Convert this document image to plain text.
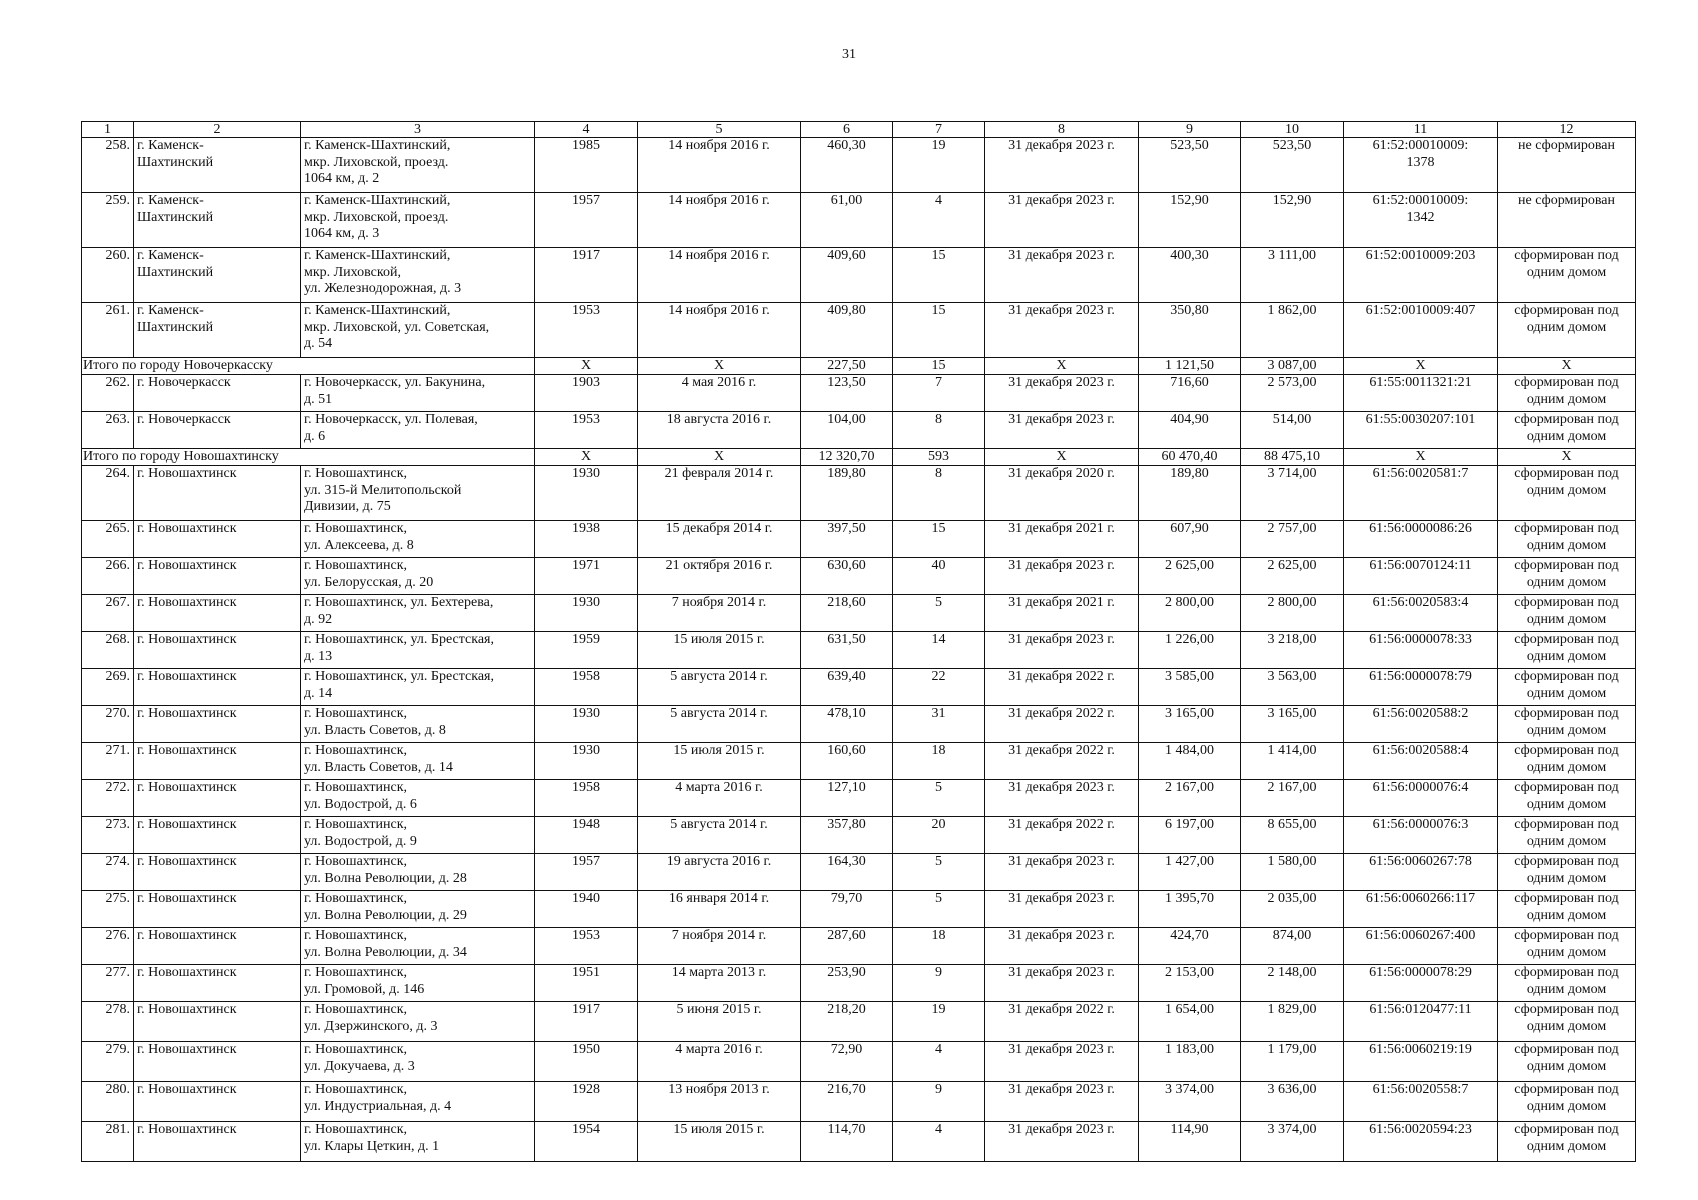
31
1	2	3	4	5	6	7	8	9	10	11	12
258.	г. Каменск-
Шахтинский	г. Каменск-Шахтинский,
мкр. Лиховской, проезд.
1064 км, д. 2	1985	14 ноября 2016 г.	460,30	19	31 декабря 2023 г.	523,50	523,50	61:52:00010009:
1378	не сформирован
259.	г. Каменск-
Шахтинский	г. Каменск-Шахтинский,
мкр. Лиховской, проезд.
1064 км, д. 3	1957	14 ноября 2016 г.	61,00	4	31 декабря 2023 г.	152,90	152,90	61:52:00010009:
1342	не сформирован
260.	г. Каменск-
Шахтинский	г. Каменск-Шахтинский,
мкр. Лиховской,
ул. Железнодорожная, д. 3	1917	14 ноября 2016 г.	409,60	15	31 декабря 2023 г.	400,30	3 111,00	61:52:0010009:203	сформирован под
одним домом
261.	г. Каменск-
Шахтинский	г. Каменск-Шахтинский,
мкр. Лиховской, ул. Советская,
д. 54	1953	14 ноября 2016 г.	409,80	15	31 декабря 2023 г.	350,80	1 862,00	61:52:0010009:407	сформирован под
одним домом
Итого по городу Новочеркасску			X	X	227,50	15	X	1 121,50	3 087,00	X	X
262.	г. Новочеркасск	г. Новочеркасск, ул. Бакунина,
д. 51	1903	4 мая 2016 г.	123,50	7	31 декабря 2023 г.	716,60	2 573,00	61:55:0011321:21	сформирован под
одним домом
263.	г. Новочеркасск	г. Новочеркасск, ул. Полевая,
д. 6	1953	18 августа 2016 г.	104,00	8	31 декабря 2023 г.	404,90	514,00	61:55:0030207:101	сформирован под
одним домом
Итого по городу Новошахтинску			X	X	12 320,70	593	X	60 470,40	88 475,10	X	X
264.	г. Новошахтинск	г. Новошахтинск,
ул. 315-й Мелитопольской
Дивизии, д. 75	1930	21 февраля 2014 г.	189,80	8	31 декабря 2020 г.	189,80	3 714,00	61:56:0020581:7	сформирован под
одним домом
265.	г. Новошахтинск	г. Новошахтинск,
ул. Алексеева, д. 8	1938	15 декабря 2014 г.	397,50	15	31 декабря 2021 г.	607,90	2 757,00	61:56:0000086:26	сформирован под
одним домом
266.	г. Новошахтинск	г. Новошахтинск,
ул. Белорусская, д. 20	1971	21 октября 2016 г.	630,60	40	31 декабря 2023 г.	2 625,00	2 625,00	61:56:0070124:11	сформирован под
одним домом
267.	г. Новошахтинск	г. Новошахтинск, ул. Бехтерева,
д. 92	1930	7 ноября 2014 г.	218,60	5	31 декабря 2021 г.	2 800,00	2 800,00	61:56:0020583:4	сформирован под
одним домом
268.	г. Новошахтинск	г. Новошахтинск, ул. Брестская,
д. 13	1959	15 июля 2015 г.	631,50	14	31 декабря 2023 г.	1 226,00	3 218,00	61:56:0000078:33	сформирован под
одним домом
269.	г. Новошахтинск	г. Новошахтинск, ул. Брестская,
д. 14	1958	5 августа 2014 г.	639,40	22	31 декабря 2022 г.	3 585,00	3 563,00	61:56:0000078:79	сформирован под
одним домом
270.	г. Новошахтинск	г. Новошахтинск,
ул. Власть Советов, д. 8	1930	5 августа 2014 г.	478,10	31	31 декабря 2022 г.	3 165,00	3 165,00	61:56:0020588:2	сформирован под
одним домом
271.	г. Новошахтинск	г. Новошахтинск,
ул. Власть Советов, д. 14	1930	15 июля 2015 г.	160,60	18	31 декабря 2022 г.	1 484,00	1 414,00	61:56:0020588:4	сформирован под
одним домом
272.	г. Новошахтинск	г. Новошахтинск,
ул. Водострой, д. 6	1958	4 марта 2016 г.	127,10	5	31 декабря 2023 г.	2 167,00	2 167,00	61:56:0000076:4	сформирован под
одним домом
273.	г. Новошахтинск	г. Новошахтинск,
ул. Водострой, д. 9	1948	5 августа 2014 г.	357,80	20	31 декабря 2022 г.	6 197,00	8 655,00	61:56:0000076:3	сформирован под
одним домом
274.	г. Новошахтинск	г. Новошахтинск,
ул. Волна Революции, д. 28	1957	19 августа 2016 г.	164,30	5	31 декабря 2023 г.	1 427,00	1 580,00	61:56:0060267:78	сформирован под
одним домом
275.	г. Новошахтинск	г. Новошахтинск,
ул. Волна Революции, д. 29	1940	16 января 2014 г.	79,70	5	31 декабря 2023 г.	1 395,70	2 035,00	61:56:0060266:117	сформирован под
одним домом
276.	г. Новошахтинск	г. Новошахтинск,
ул. Волна Революции, д. 34	1953	7 ноября 2014 г.	287,60	18	31 декабря 2023 г.	424,70	874,00	61:56:0060267:400	сформирован под
одним домом
277.	г. Новошахтинск	г. Новошахтинск,
ул. Громовой, д. 146	1951	14 марта 2013 г.	253,90	9	31 декабря 2023 г.	2 153,00	2 148,00	61:56:0000078:29	сформирован под
одним домом
278.	г. Новошахтинск	г. Новошахтинск,
ул. Дзержинского, д. 3	1917	5 июня 2015 г.	218,20	19	31 декабря 2022 г.	1 654,00	1 829,00	61:56:0120477:11	сформирован под
одним домом
279.	г. Новошахтинск	г. Новошахтинск,
ул. Докучаева, д. 3	1950	4 марта 2016 г.	72,90	4	31 декабря 2023 г.	1 183,00	1 179,00	61:56:0060219:19	сформирован под
одним домом
280.	г. Новошахтинск	г. Новошахтинск,
ул. Индустриальная, д. 4	1928	13 ноября 2013 г.	216,70	9	31 декабря 2023 г.	3 374,00	3 636,00	61:56:0020558:7	сформирован под
одним домом
281.	г. Новошахтинск	г. Новошахтинск,
ул. Клары Цеткин, д. 1	1954	15 июля 2015 г.	114,70	4	31 декабря 2023 г.	114,90	3 374,00	61:56:0020594:23	сформирован под
одним домом
